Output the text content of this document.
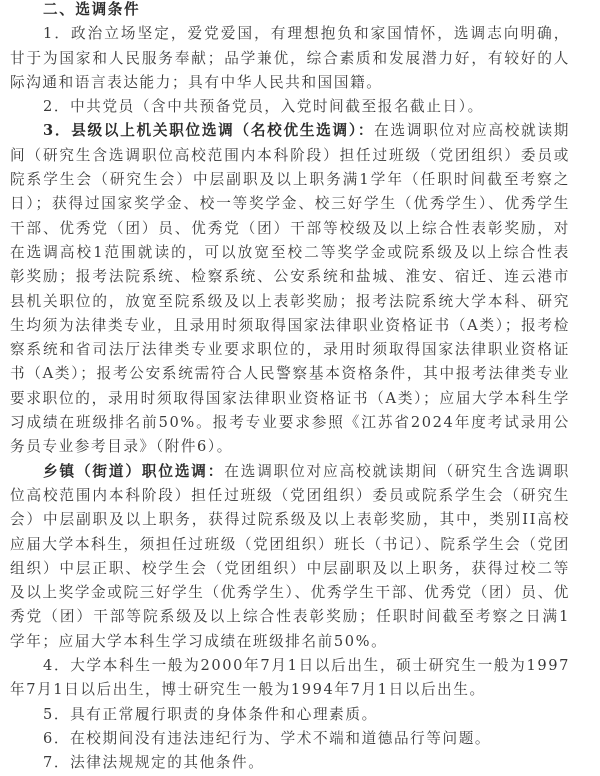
二、选调条件

1．政治立场坚定，爱党爱国，有理想抱负和家国情怀，选调志向明确，甘于为国家和人民服务奉献；品学兼优，综合素质和发展潜力好，有较好的人际沟通和语言表达能力；具有中华人民共和国国籍。

2．中共党员（含中共预备党员，入党时间截至报名截止日）。

3．县级以上机关职位选调（名校优生选调）：在选调职位对应高校就读期间（研究生含选调职位高校范围内本科阶段）担任过班级（党团组织）委员或院系学生会（研究生会）中层副职及以上职务满1学年（任职时间截至考察之日）；获得过国家奖学金、校一等奖学金、校三好学生（优秀学生）、优秀学生干部、优秀党（团）员、优秀党（团）干部等校级及以上综合性表彰奖励，对在选调高校1范围就读的，可以放宽至校二等奖学金或院系级及以上综合性表彰奖励；报考法院系统、检察系统、公安系统和盐城、淮安、宿迁、连云港市县机关职位的，放宽至院系级及以上表彰奖励；报考法院系统大学本科、研究生均须为法律类专业，且录用时须取得国家法律职业资格证书（A类）；报考检察系统和省司法厅法律类专业要求职位的，录用时须取得国家法律职业资格证书（A类）；报考公安系统需符合人民警察基本资格条件，其中报考法律类专业要求职位的，录用时须取得国家法律职业资格证书（A类）；应届大学本科生学习成绩在班级排名前50%。报考专业要求参照《江苏省2024年度考试录用公务员专业参考目录》（附件6）。

乡镇（街道）职位选调：在选调职位对应高校就读期间（研究生含选调职位高校范围内本科阶段）担任过班级（党团组织）委员或院系学生会（研究生会）中层副职及以上职务，获得过院系级及以上表彰奖励，其中，类别II高校应届大学本科生，须担任过班级（党团组织）班长（书记）、院系学生会（党团组织）中层正职、校学生会（党团组织）中层副职及以上职务，获得过校二等及以上奖学金或院三好学生（优秀学生）、优秀学生干部、优秀党（团）员、优秀党（团）干部等院系级及以上综合性表彰奖励；任职时间截至考察之日满1学年；应届大学本科生学习成绩在班级排名前50%。

4．大学本科生一般为2000年7月1日以后出生，硕士研究生一般为1997年7月1日以后出生，博士研究生一般为1994年7月1日以后出生。

5．具有正常履行职责的身体条件和心理素质。

6．在校期间没有违法违纪行为、学术不端和道德品行等问题。

7．法律法规规定的其他条件。
